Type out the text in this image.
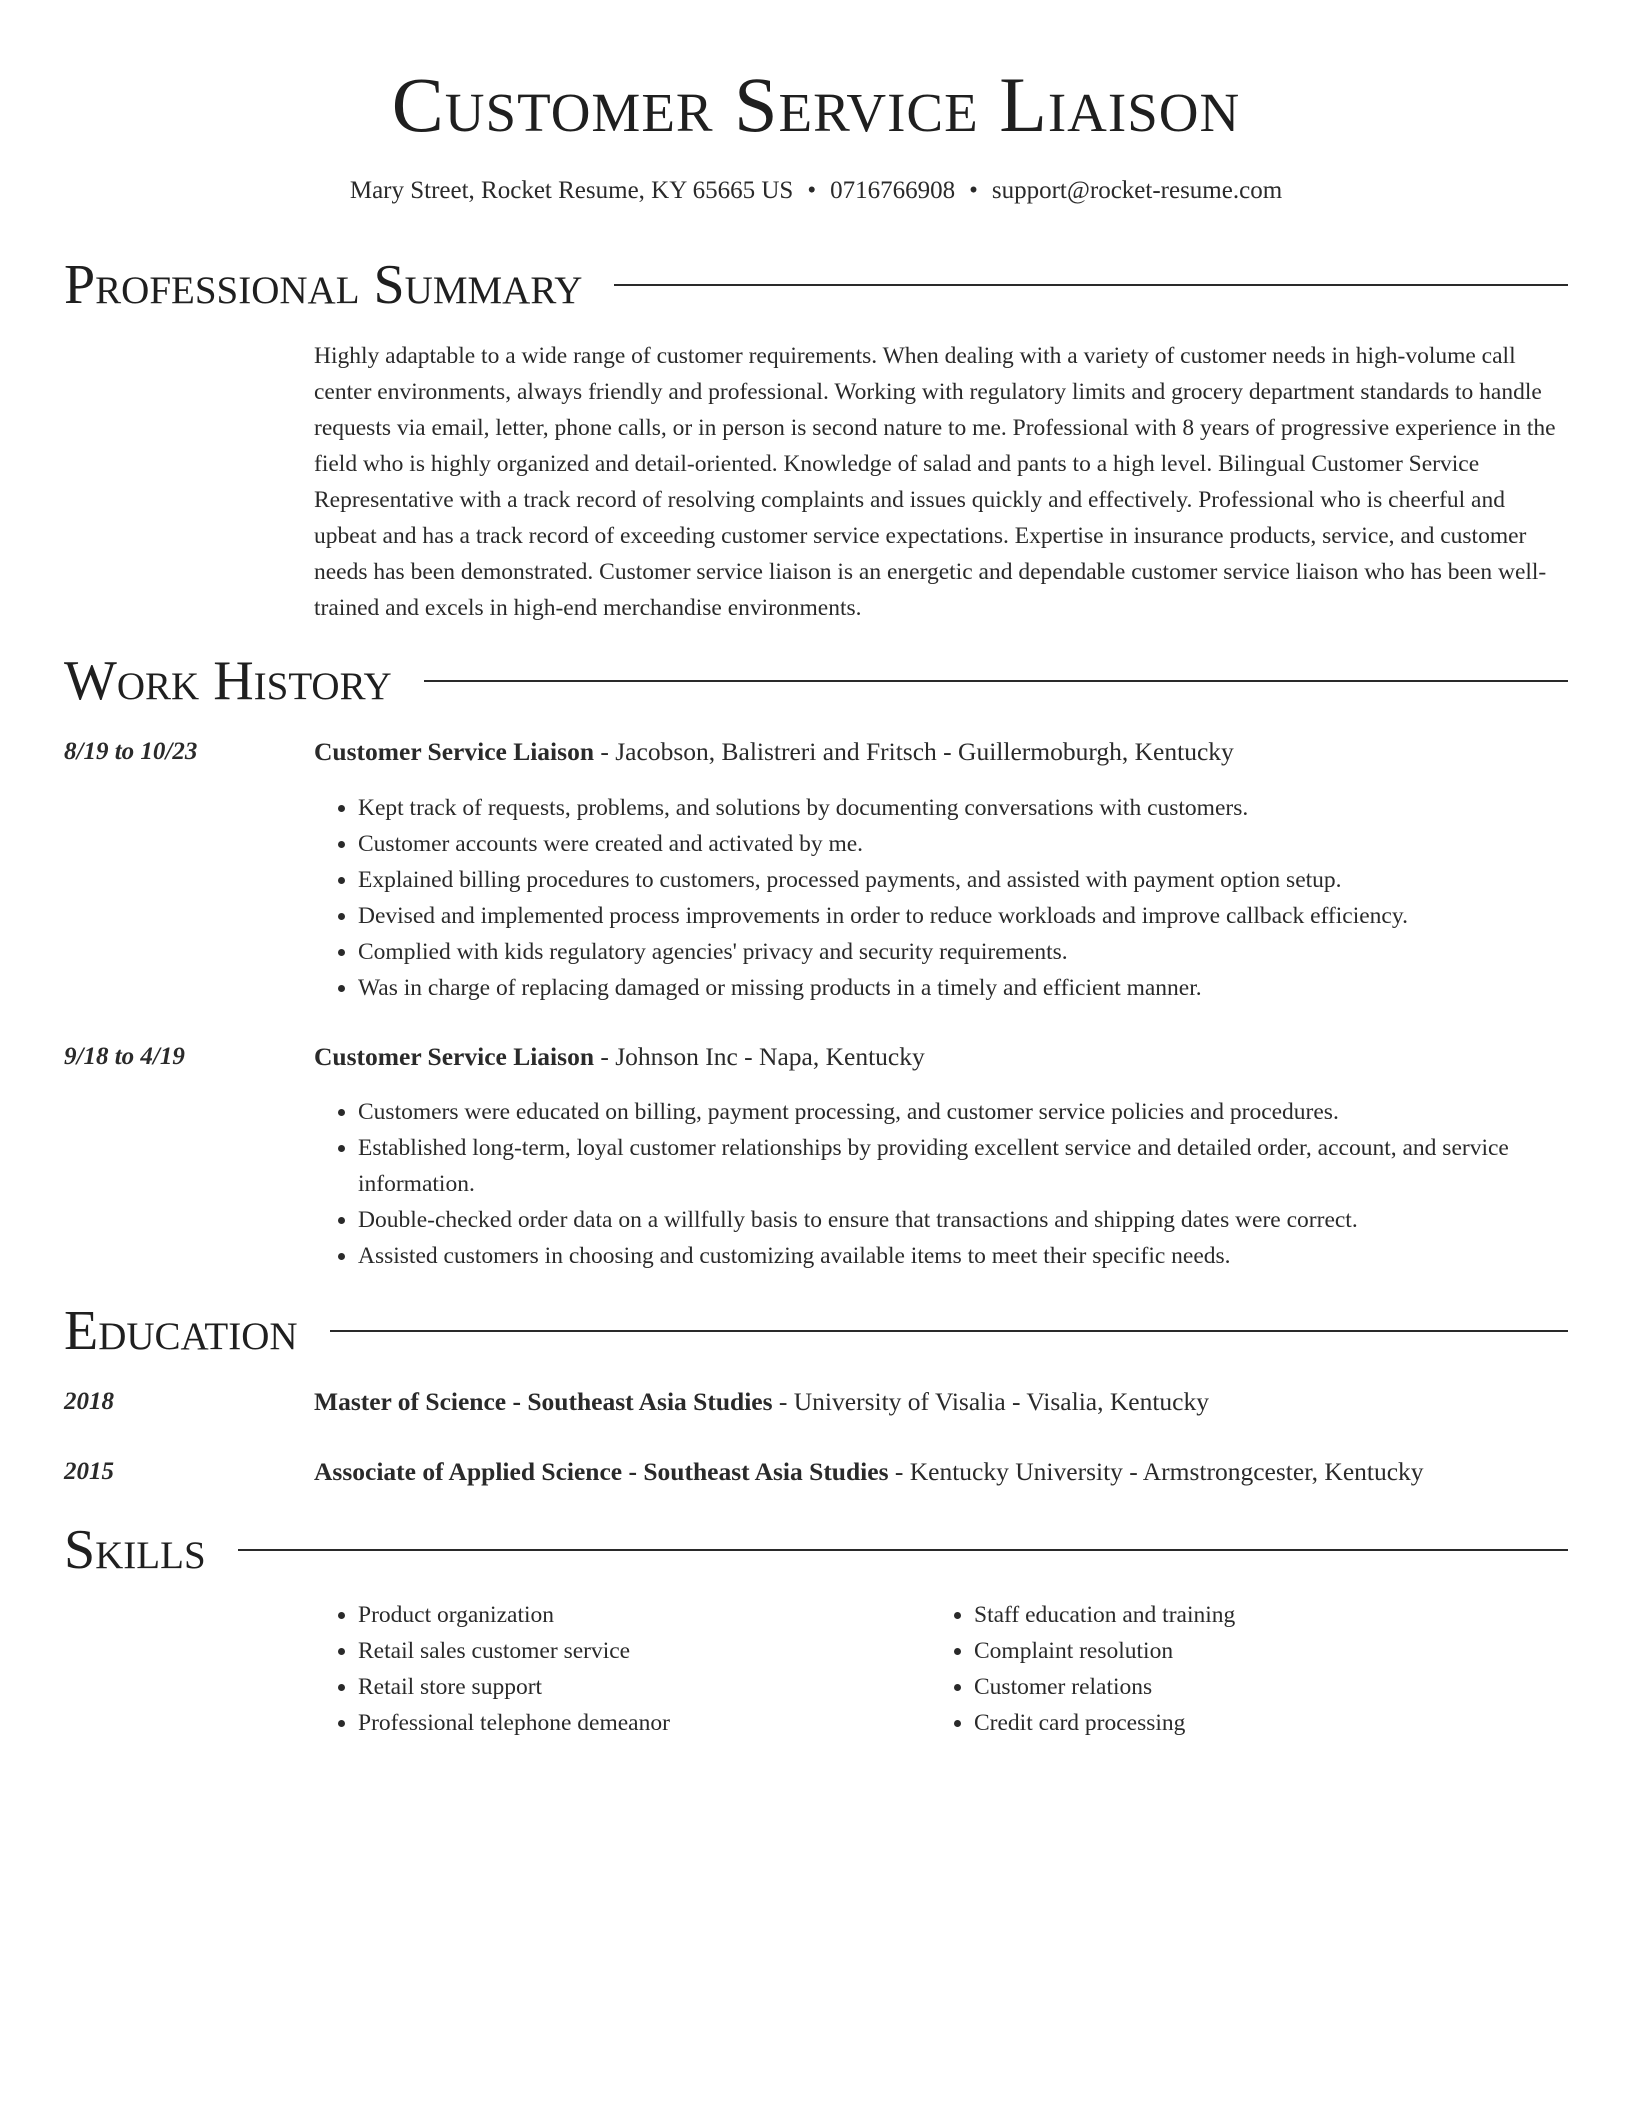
Customer Service Liaison
Mary Street, Rocket Resume, KY 65665 US • 0716766908 • support@rocket-resume.com
Professional Summary
Highly adaptable to a wide range of customer requirements. When dealing with a variety of customer needs in high-volume call center environments, always friendly and professional. Working with regulatory limits and grocery department standards to handle requests via email, letter, phone calls, or in person is second nature to me. Professional with 8 years of progressive experience in the field who is highly organized and detail-oriented. Knowledge of salad and pants to a high level. Bilingual Customer Service Representative with a track record of resolving complaints and issues quickly and effectively. Professional who is cheerful and upbeat and has a track record of exceeding customer service expectations. Expertise in insurance products, service, and customer needs has been demonstrated. Customer service liaison is an energetic and dependable customer service liaison who has been well-trained and excels in high-end merchandise environments.
Work History
8/19 to 10/23	Customer Service Liaison - Jacobson, Balistreri and Fritsch - Guillermoburgh, Kentucky
• Kept track of requests, problems, and solutions by documenting conversations with customers.
• Customer accounts were created and activated by me.
• Explained billing procedures to customers, processed payments, and assisted with payment option setup.
• Devised and implemented process improvements in order to reduce workloads and improve callback efficiency.
• Complied with kids regulatory agencies' privacy and security requirements.
• Was in charge of replacing damaged or missing products in a timely and efficient manner.
9/18 to 4/19	Customer Service Liaison - Johnson Inc - Napa, Kentucky
• Customers were educated on billing, payment processing, and customer service policies and procedures.
• Established long-term, loyal customer relationships by providing excellent service and detailed order, account, and service information.
• Double-checked order data on a willfully basis to ensure that transactions and shipping dates were correct.
• Assisted customers in choosing and customizing available items to meet their specific needs.
Education
2018	Master of Science - Southeast Asia Studies - University of Visalia - Visalia, Kentucky
2015	Associate of Applied Science - Southeast Asia Studies - Kentucky University - Armstrongcester, Kentucky
Skills
• Product organization
• Retail sales customer service
• Retail store support
• Professional telephone demeanor
• Staff education and training
• Complaint resolution
• Customer relations
• Credit card processing
